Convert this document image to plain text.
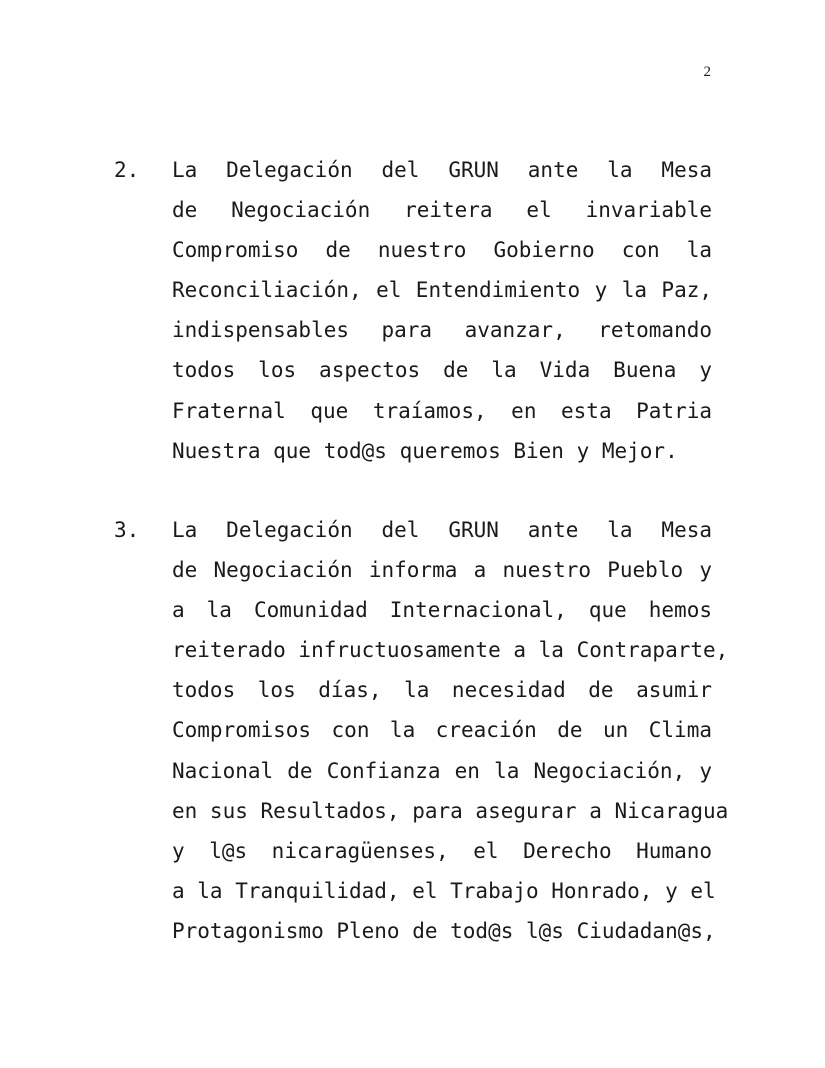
2
2.	La Delegación del GRUN ante la Mesa
de Negociación reitera el invariable
Compromiso de nuestro Gobierno con la
Reconciliación, el Entendimiento y la Paz,
indispensables para avanzar, retomando
todos los aspectos de la Vida Buena y
Fraternal que traíamos, en esta Patria
Nuestra que tod@s queremos Bien y Mejor.
3.	La Delegación del GRUN ante la Mesa
de Negociación informa a nuestro Pueblo y
a la Comunidad Internacional, que hemos
reiterado infructuosamente a la Contraparte,
todos los días, la necesidad de asumir
Compromisos con la creación de un Clima
Nacional de Confianza en la Negociación, y
en sus Resultados, para asegurar a Nicaragua
y l@s nicaragüenses, el Derecho Humano
a la Tranquilidad, el Trabajo Honrado, y el
Protagonismo Pleno de tod@s l@s Ciudadan@s,
